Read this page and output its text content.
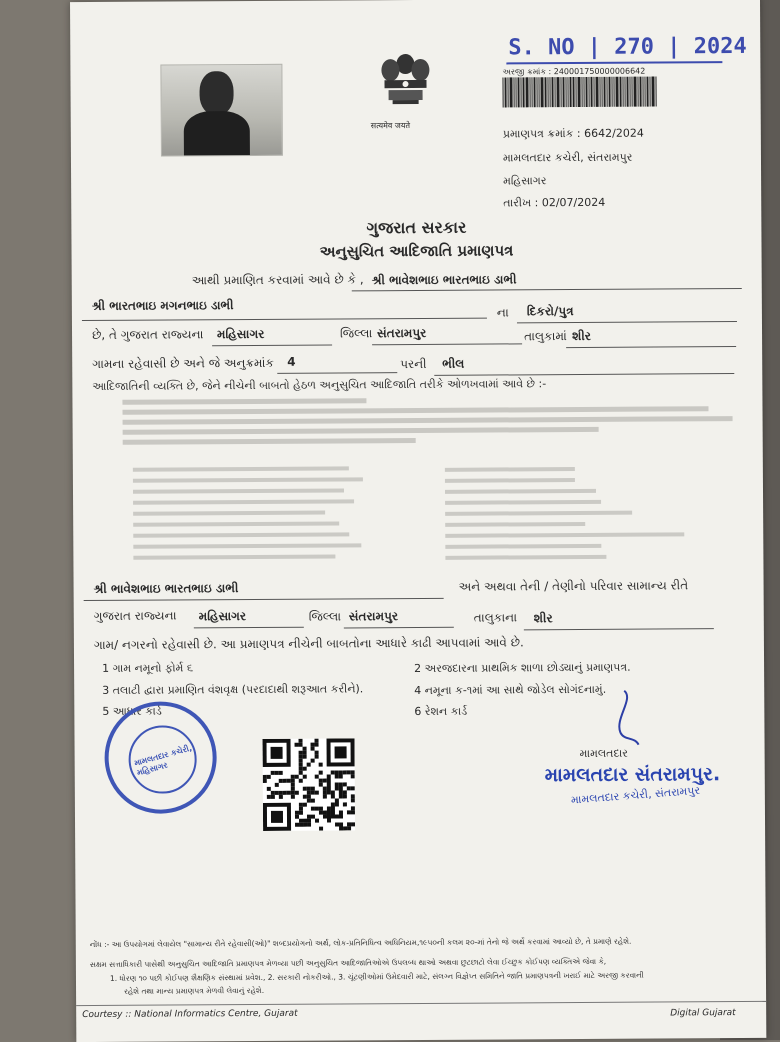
सत्यमेव जयते
S. NO | 270 | 2024
અરજી ક્રમાંક : 240001750000006642
પ્રમાણપત્ર ક્રમાંક : 6642/2024
મામલતદાર કચેરી, સંતરામપુર
મહિસાગર
તારીખ : 02/07/2024
ગુજરાત સરકાર
અનુસુચિત આદિજાતિ પ્રમાણપત્ર
આથી પ્રમાણિત કરવામાં આવે છે કે , શ્રી ભાવેશભાઇ ભારતભાઇ ડાભી
શ્રી ભારતભાઇ મગનભાઇ ડાભી	ના દિકરો/પુત્ર
છે, તે ગુજરાત રાજ્યના મહિસાગર	જિલ્લા સંતરામપુર	તાલુકામાં શીર
ગામના રહેવાસી છે અને જે અનુક્રમાંક 4	પરની ભીલ
આદિજાતિની વ્યક્તિ છે, જેને નીચેની બાબતો હેઠળ અનુસુચિત આદિજાતિ તરીકે ઓળખવામાં આવે છે :-
શ્રી ભાવેશભાઇ ભારતભાઇ ડાભી	અને અથવા તેની / તેણીનો પરિવાર સામાન્ય રીતે
ગુજરાત રાજ્યના મહિસાગર	જિલ્લા સંતરામપુર	તાલુકાના શીર
ગામ/ નગરનો રહેવાસી છે. આ પ્રમાણપત્ર નીચેની બાબતોના આધારે કાઢી આપવામાં આવે છે.
1 ગામ નમૂનો ફોર્મ ૬	2 અરજદારના પ્રાથમિક શાળા છોડ્યાનું પ્રમાણપત્ર.
3 તલાટી દ્વારા પ્રમાણિત વંશવૃક્ષ (પરદાદાથી શરૂઆત કરીને).	4 નમૂના ક-૧માં આ સાથે જોડેલ સોગંદનામું.
5 આધાર કાર્ડ	6 રેશન કાર્ડ
મામલતદાર કચેરી, મહિસાગર
મામલતદાર
મામલતદાર સંતરામપુર.
મામલતદાર કચેરી, સંતરામપુર
નોંધ :- આ ઉપયોગમાં લેવાયેલ "સામાન્ય રીતે રહેવાસી(ઓ)" શબ્દપ્રયોગનો અર્થ, લોક-પ્રતિનિધિત્વ અધિનિયમ,૧૯૫૦ની કલમ ૨૦-માં તેનો જે અર્થે કરવામાં આવ્યો છે, તે પ્રમાણે રહેશે.
સક્ષમ સત્તાધિકારી પાસેથી અનુસુચિત આદિજાતિ પ્રમાણપત્ર મેળવ્યા પછી અનુસુચિત આદિજાતિઓએ ઉપલબ્ધ થાઓ અથવા છુટછાટો લેવા ઈચ્છુક કોઈપણ વ્યક્તિએ જેવા કે,
1. ધોરણ ૧૦ પછી કોઈપણ શૈક્ષણિક સંસ્થામાં પ્રવેશ., 2. સરકારી નોકરીઓ., 3. ચૂંટણીઓમાં ઉમેદવારી માટે, સંલગ્ન વિજ્ઞેપ્ત સમિતિને જાતિ પ્રમાણપત્રની ખરાઈ માટે અરજી કરવાની
રહેશે તથા માન્ય પ્રમાણપત્ર મેળવી લેવાનું રહેશે.
Courtesy :: National Informatics Centre, Gujarat	Digital Gujarat
